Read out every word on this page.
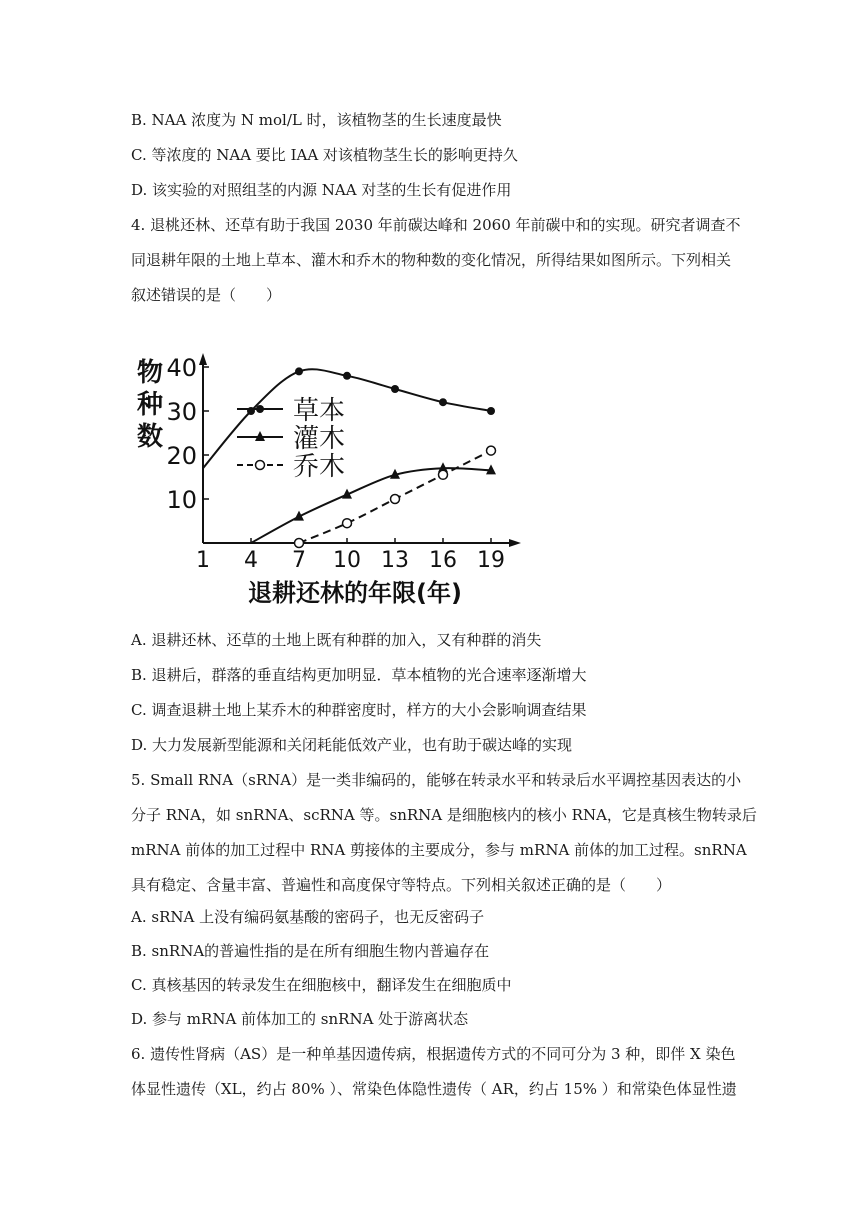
B. NAA 浓度为 N mol/L 时，该植物茎的生长速度最快
C. 等浓度的 NAA 要比 IAA 对该植物茎生长的影响更持久
D. 该实验的对照组茎的内源 NAA 对茎的生长有促进作用
4. 退桃还林、还草有助于我国 2030 年前碳达峰和 2060 年前碳中和的实现。研究者调查不
同退耕年限的土地上草本、灌木和乔木的物种数的变化情况，所得结果如图所示。下列相关
叙述错误的是（　　）
物
种
数
退耕还林的年限(年)
10
20
30
40
1 4 7 10 13 16 19
草本
灌木
乔木
A. 退耕还林、还草的土地上既有种群的加入，又有种群的消失
B. 退耕后，群落的垂直结构更加明显．草本植物的光合速率逐渐增大
C. 调查退耕土地上某乔木的种群密度时，样方的大小会影响调查结果
D. 大力发展新型能源和关闭耗能低效产业，也有助于碳达峰的实现
5. Small RNA（sRNA）是一类非编码的，能够在转录水平和转录后水平调控基因表达的小
分子 RNA，如 snRNA、scRNA 等。snRNA 是细胞核内的核小 RNA，它是真核生物转录后
mRNA 前体的加工过程中 RNA 剪接体的主要成分，参与 mRNA 前体的加工过程。snRNA
具有稳定、含量丰富、普遍性和高度保守等特点。下列相关叙述正确的是（　　）
A. sRNA 上没有编码氨基酸的密码子，也无反密码子
B. snRNA的普遍性指的是在所有细胞生物内普遍存在
C. 真核基因的转录发生在细胞核中，翻译发生在细胞质中
D. 参与 mRNA 前体加工的 snRNA 处于游离状态
6. 遗传性肾病（AS）是一种单基因遗传病，根据遗传方式的不同可分为 3 种，即伴 X 染色
体显性遗传（XL，约占 80% ）、常染色体隐性遗传（ AR，约占 15% ）和常染色体显性遗
